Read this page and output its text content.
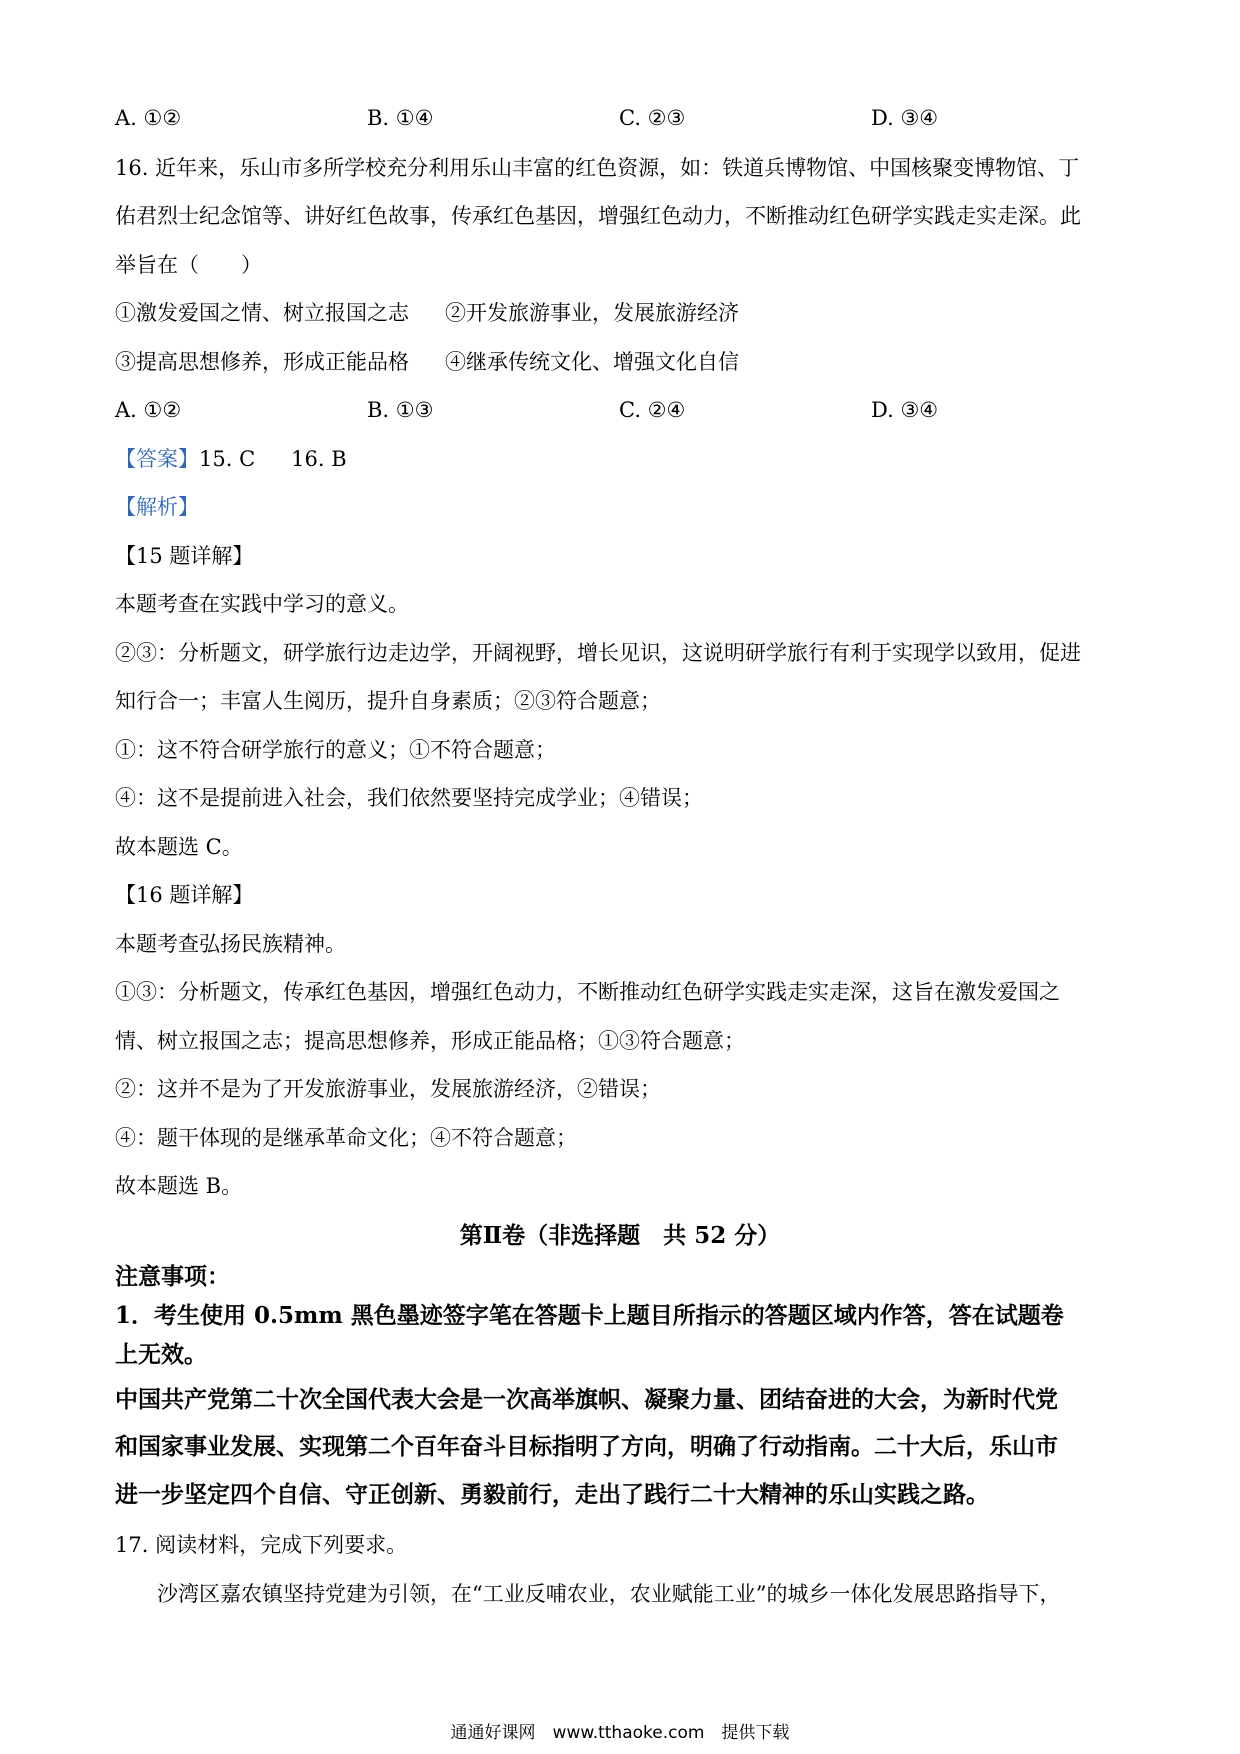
A. ①②	B. ①④	C. ②③	D. ③④
16. 近年来，乐山市多所学校充分利用乐山丰富的红色资源，如：铁道兵博物馆、中国核聚变博物馆、丁
佑君烈士纪念馆等、讲好红色故事，传承红色基因，增强红色动力，不断推动红色研学实践走实走深。此
举旨在（　　）
①激发爱国之情、树立报国之志 ②开发旅游事业，发展旅游经济
③提高思想修养，形成正能品格 ④继承传统文化、增强文化自信
A. ①②	B. ①③	C. ②④	D. ③④
【答案】15. C 16. B
【解析】
【15 题详解】
本题考查在实践中学习的意义。
②③：分析题文，研学旅行边走边学，开阔视野，增长见识，这说明研学旅行有利于实现学以致用，促进
知行合一；丰富人生阅历，提升自身素质；②③符合题意；
①：这不符合研学旅行的意义；①不符合题意；
④：这不是提前进入社会，我们依然要坚持完成学业；④错误；
故本题选 C。
【16 题详解】
本题考查弘扬民族精神。
①③：分析题文，传承红色基因，增强红色动力，不断推动红色研学实践走实走深，这旨在激发爱国之
情、树立报国之志；提高思想修养，形成正能品格；①③符合题意；
②：这并不是为了开发旅游事业，发展旅游经济，②错误；
④：题干体现的是继承革命文化；④不符合题意；
故本题选 B。
第Ⅱ卷（非选择题　共 52 分）
注意事项：
1．考生使用 0.5mm 黑色墨迹签字笔在答题卡上题目所指示的答题区域内作答，答在试题卷
上无效。
中国共产党第二十次全国代表大会是一次高举旗帜、凝聚力量、团结奋进的大会，为新时代党
和国家事业发展、实现第二个百年奋斗目标指明了方向，明确了行动指南。二十大后，乐山市
进一步坚定四个自信、守正创新、勇毅前行，走出了践行二十大精神的乐山实践之路。
17. 阅读材料，完成下列要求。
沙湾区嘉农镇坚持党建为引领，在“工业反哺农业，农业赋能工业”的城乡一体化发展思路指导下，
通通好课网　www.tthaoke.com　提供下载
